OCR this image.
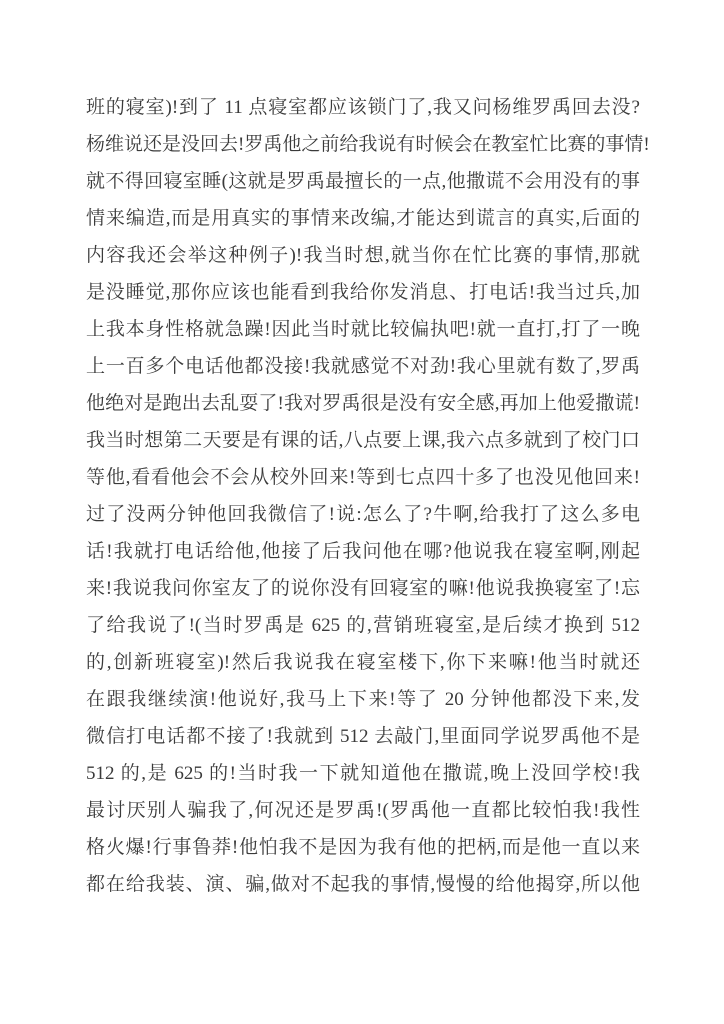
班的寝室)!到了 11 点寝室都应该锁门了,我又问杨维罗禹回去没?
杨维说还是没回去!罗禹他之前给我说有时候会在教室忙比赛的事情!
就不得回寝室睡(这就是罗禹最擅长的一点,他撒谎不会用没有的事
情来编造,而是用真实的事情来改编,才能达到谎言的真实,后面的
内容我还会举这种例子)!我当时想,就当你在忙比赛的事情,那就
是没睡觉,那你应该也能看到我给你发消息、打电话!我当过兵,加
上我本身性格就急躁!因此当时就比较偏执吧!就一直打,打了一晚
上一百多个电话他都没接!我就感觉不对劲!我心里就有数了,罗禹
他绝对是跑出去乱耍了!我对罗禹很是没有安全感,再加上他爱撒谎!
我当时想第二天要是有课的话,八点要上课,我六点多就到了校门口
等他,看看他会不会从校外回来!等到七点四十多了也没见他回来!
过了没两分钟他回我微信了!说:怎么了?牛啊,给我打了这么多电
话!我就打电话给他,他接了后我问他在哪?他说我在寝室啊,刚起
来!我说我问你室友了的说你没有回寝室的嘛!他说我换寝室了!忘
了给我说了!(当时罗禹是 625 的,营销班寝室,是后续才换到 512
的,创新班寝室)!然后我说我在寝室楼下,你下来嘛!他当时就还
在跟我继续演!他说好,我马上下来!等了 20 分钟他都没下来,发
微信打电话都不接了!我就到 512 去敲门,里面同学说罗禹他不是
512 的,是 625 的!当时我一下就知道他在撒谎,晚上没回学校!我
最讨厌别人骗我了,何况还是罗禹!(罗禹他一直都比较怕我!我性
格火爆!行事鲁莽!他怕我不是因为我有他的把柄,而是他一直以来
都在给我装、演、骗,做对不起我的事情,慢慢的给他揭穿,所以他
